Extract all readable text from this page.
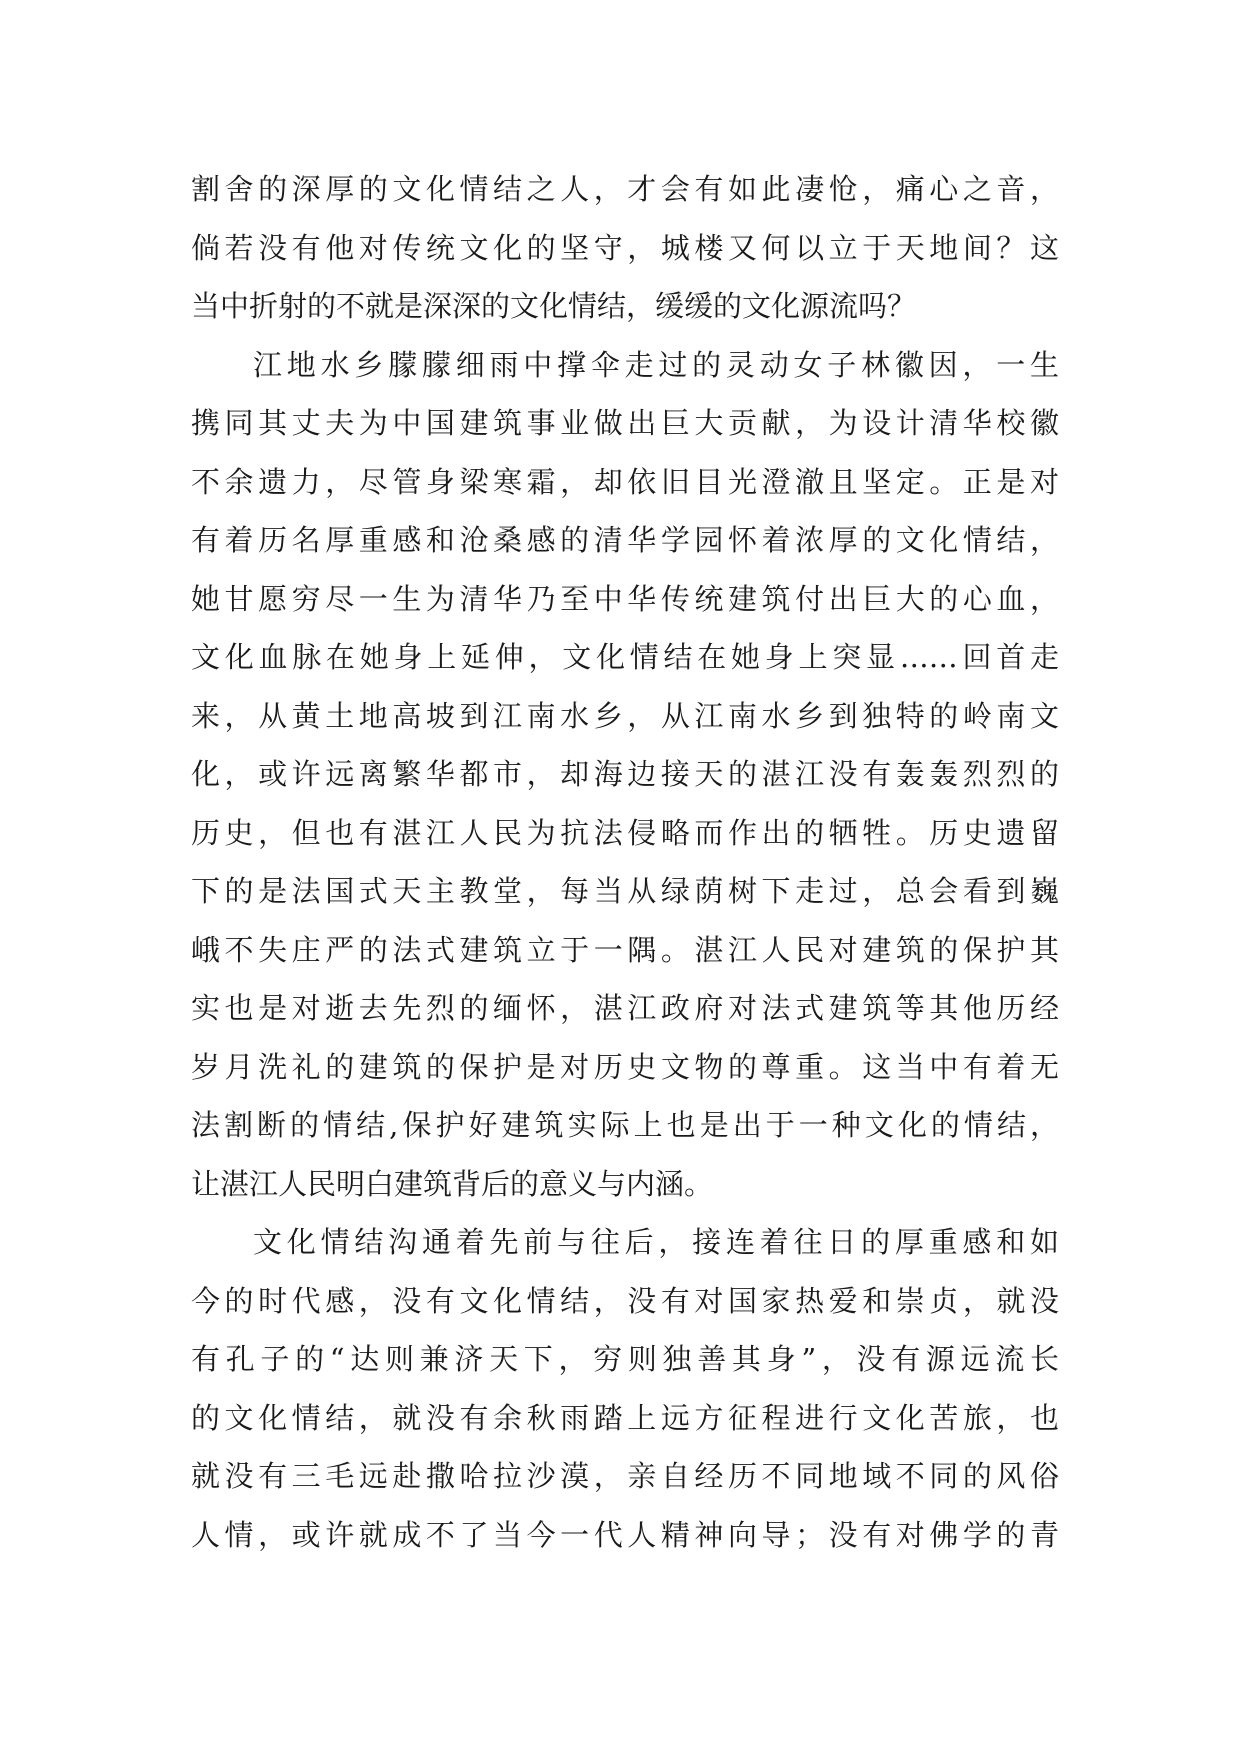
割舍的深厚的文化情结之人，才会有如此凄怆，痛心之音，
倘若没有他对传统文化的坚守，城楼又何以立于天地间？这
当中折射的不就是深深的文化情结，缓缓的文化源流吗？
江地水乡朦朦细雨中撑伞走过的灵动女子林徽因，一生
携同其丈夫为中国建筑事业做出巨大贡献，为设计清华校徽
不余遗力，尽管身梁寒霜，却依旧目光澄澈且坚定。正是对
有着历名厚重感和沧桑感的清华学园怀着浓厚的文化情结，
她甘愿穷尽一生为清华乃至中华传统建筑付出巨大的心血，
文化血脉在她身上延伸，文化情结在她身上突显……回首走
来，从黄土地高坡到江南水乡，从江南水乡到独特的岭南文
化，或许远离繁华都市，却海边接天的湛江没有轰轰烈烈的
历史，但也有湛江人民为抗法侵略而作出的牺牲。历史遗留
下的是法国式天主教堂，每当从绿荫树下走过，总会看到巍
峨不失庄严的法式建筑立于一隅。湛江人民对建筑的保护其
实也是对逝去先烈的缅怀，湛江政府对法式建筑等其他历经
岁月洗礼的建筑的保护是对历史文物的尊重。这当中有着无
法割断的情结,保护好建筑实际上也是出于一种文化的情结，
让湛江人民明白建筑背后的意义与内涵。
文化情结沟通着先前与往后，接连着往日的厚重感和如
今的时代感，没有文化情结，没有对国家热爱和崇贞，就没
有孔子的“达则兼济天下，穷则独善其身”，没有源远流长
的文化情结，就没有余秋雨踏上远方征程进行文化苦旅，也
就没有三毛远赴撒哈拉沙漠，亲自经历不同地域不同的风俗
人情，或许就成不了当今一代人精神向导；没有对佛学的青
